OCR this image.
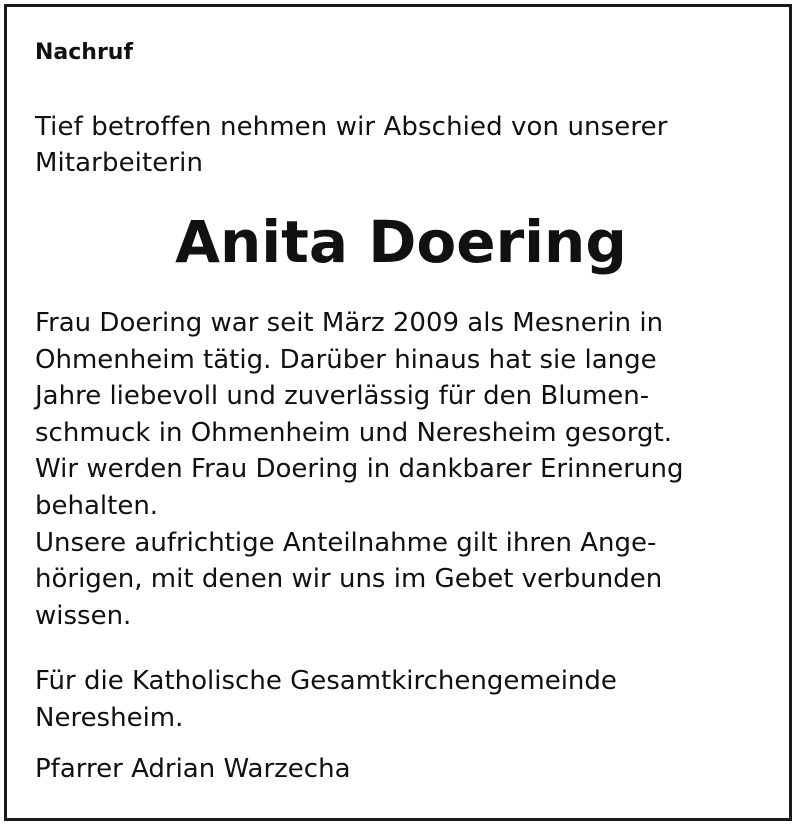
Nachruf
Tief betroffen nehmen wir Abschied von unserer
Mitarbeiterin
Anita Doering
Frau Doering war seit März 2009 als Mesnerin in
Ohmenheim tätig. Darüber hinaus hat sie lange
Jahre liebevoll und zuverlässig für den Blumen-
schmuck in Ohmenheim und Neresheim gesorgt.
Wir werden Frau Doering in dankbarer Erinnerung
behalten.
Unsere aufrichtige Anteilnahme gilt ihren Ange-
hörigen, mit denen wir uns im Gebet verbunden
wissen.
Für die Katholische Gesamtkirchengemeinde
Neresheim.
Pfarrer Adrian Warzecha
